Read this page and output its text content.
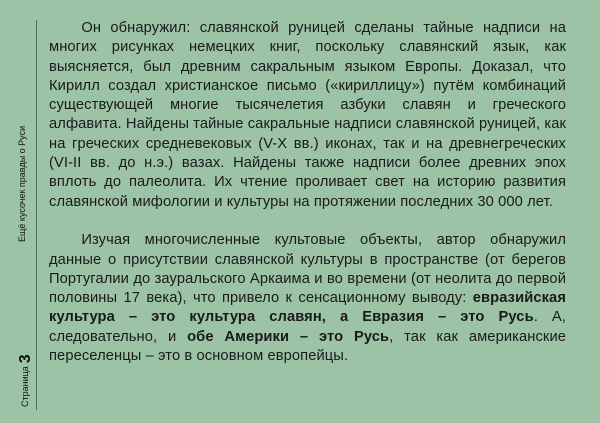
Страница3
Ещё кусочек правды о Руси

Он обнаружил: славянской руницей сделаны тайные надписи на многих рисунках немецких книг, поскольку славянский язык, как выясняется, был древним сакральным языком Европы. Доказал, что Кирилл создал христианское письмо («кириллицу») путём комбинаций существующей многие тысячелетия азбуки славян и греческого алфавита. Найдены тайные сакральные надписи славянской руницей, как на греческих средневековых (V-X вв.) иконах, так и на древнегреческих (VI-II вв. до н.э.) вазах. Найдены также надписи более древних эпох вплоть до палеолита. Их чтение проливает свет на историю развития славянской мифологии и культуры на протяжении последних 30 000 лет.

Изучая многочисленные культовые объекты, автор обнаружил данные о присутствии славянской культуры в пространстве (от берегов Португалии до зауральского Аркаима и во времени (от неолита до первой половины 17 века), что привело к сенсационному выводу: евразийская культура – это культура славян, а Евразия – это Русь. А, следовательно, и обе Америки – это Русь, так как американские переселенцы – это в основном европейцы.
